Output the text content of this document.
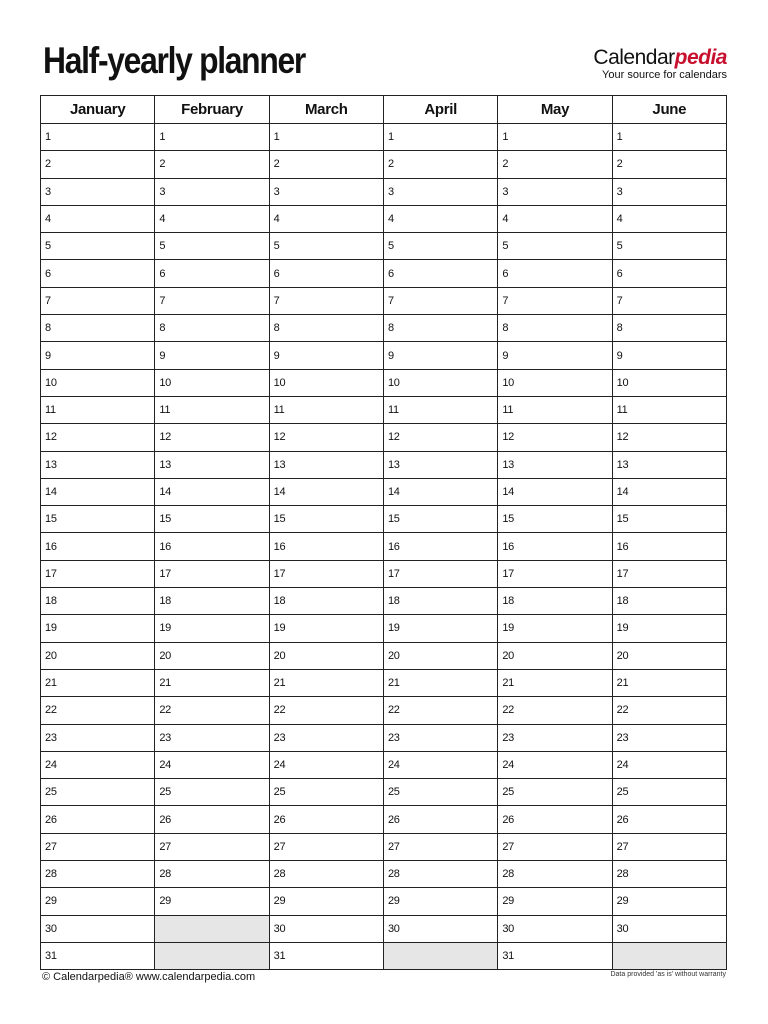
Half-yearly planner	Calendarpedia
Your source for calendars
January	February	March	April	May	June
1	1	1	1	1	1
2	2	2	2	2	2
3	3	3	3	3	3
4	4	4	4	4	4
5	5	5	5	5	5
6	6	6	6	6	6
7	7	7	7	7	7
8	8	8	8	8	8
9	9	9	9	9	9
10	10	10	10	10	10
11	11	11	11	11	11
12	12	12	12	12	12
13	13	13	13	13	13
14	14	14	14	14	14
15	15	15	15	15	15
16	16	16	16	16	16
17	17	17	17	17	17
18	18	18	18	18	18
19	19	19	19	19	19
20	20	20	20	20	20
21	21	21	21	21	21
22	22	22	22	22	22
23	23	23	23	23	23
24	24	24	24	24	24
25	25	25	25	25	25
26	26	26	26	26	26
27	27	27	27	27	27
28	28	28	28	28	28
29	29	29	29	29	29
30		30	30	30	30
31		31		31	
© Calendarpedia® www.calendarpedia.com	Data provided 'as is' without warranty
